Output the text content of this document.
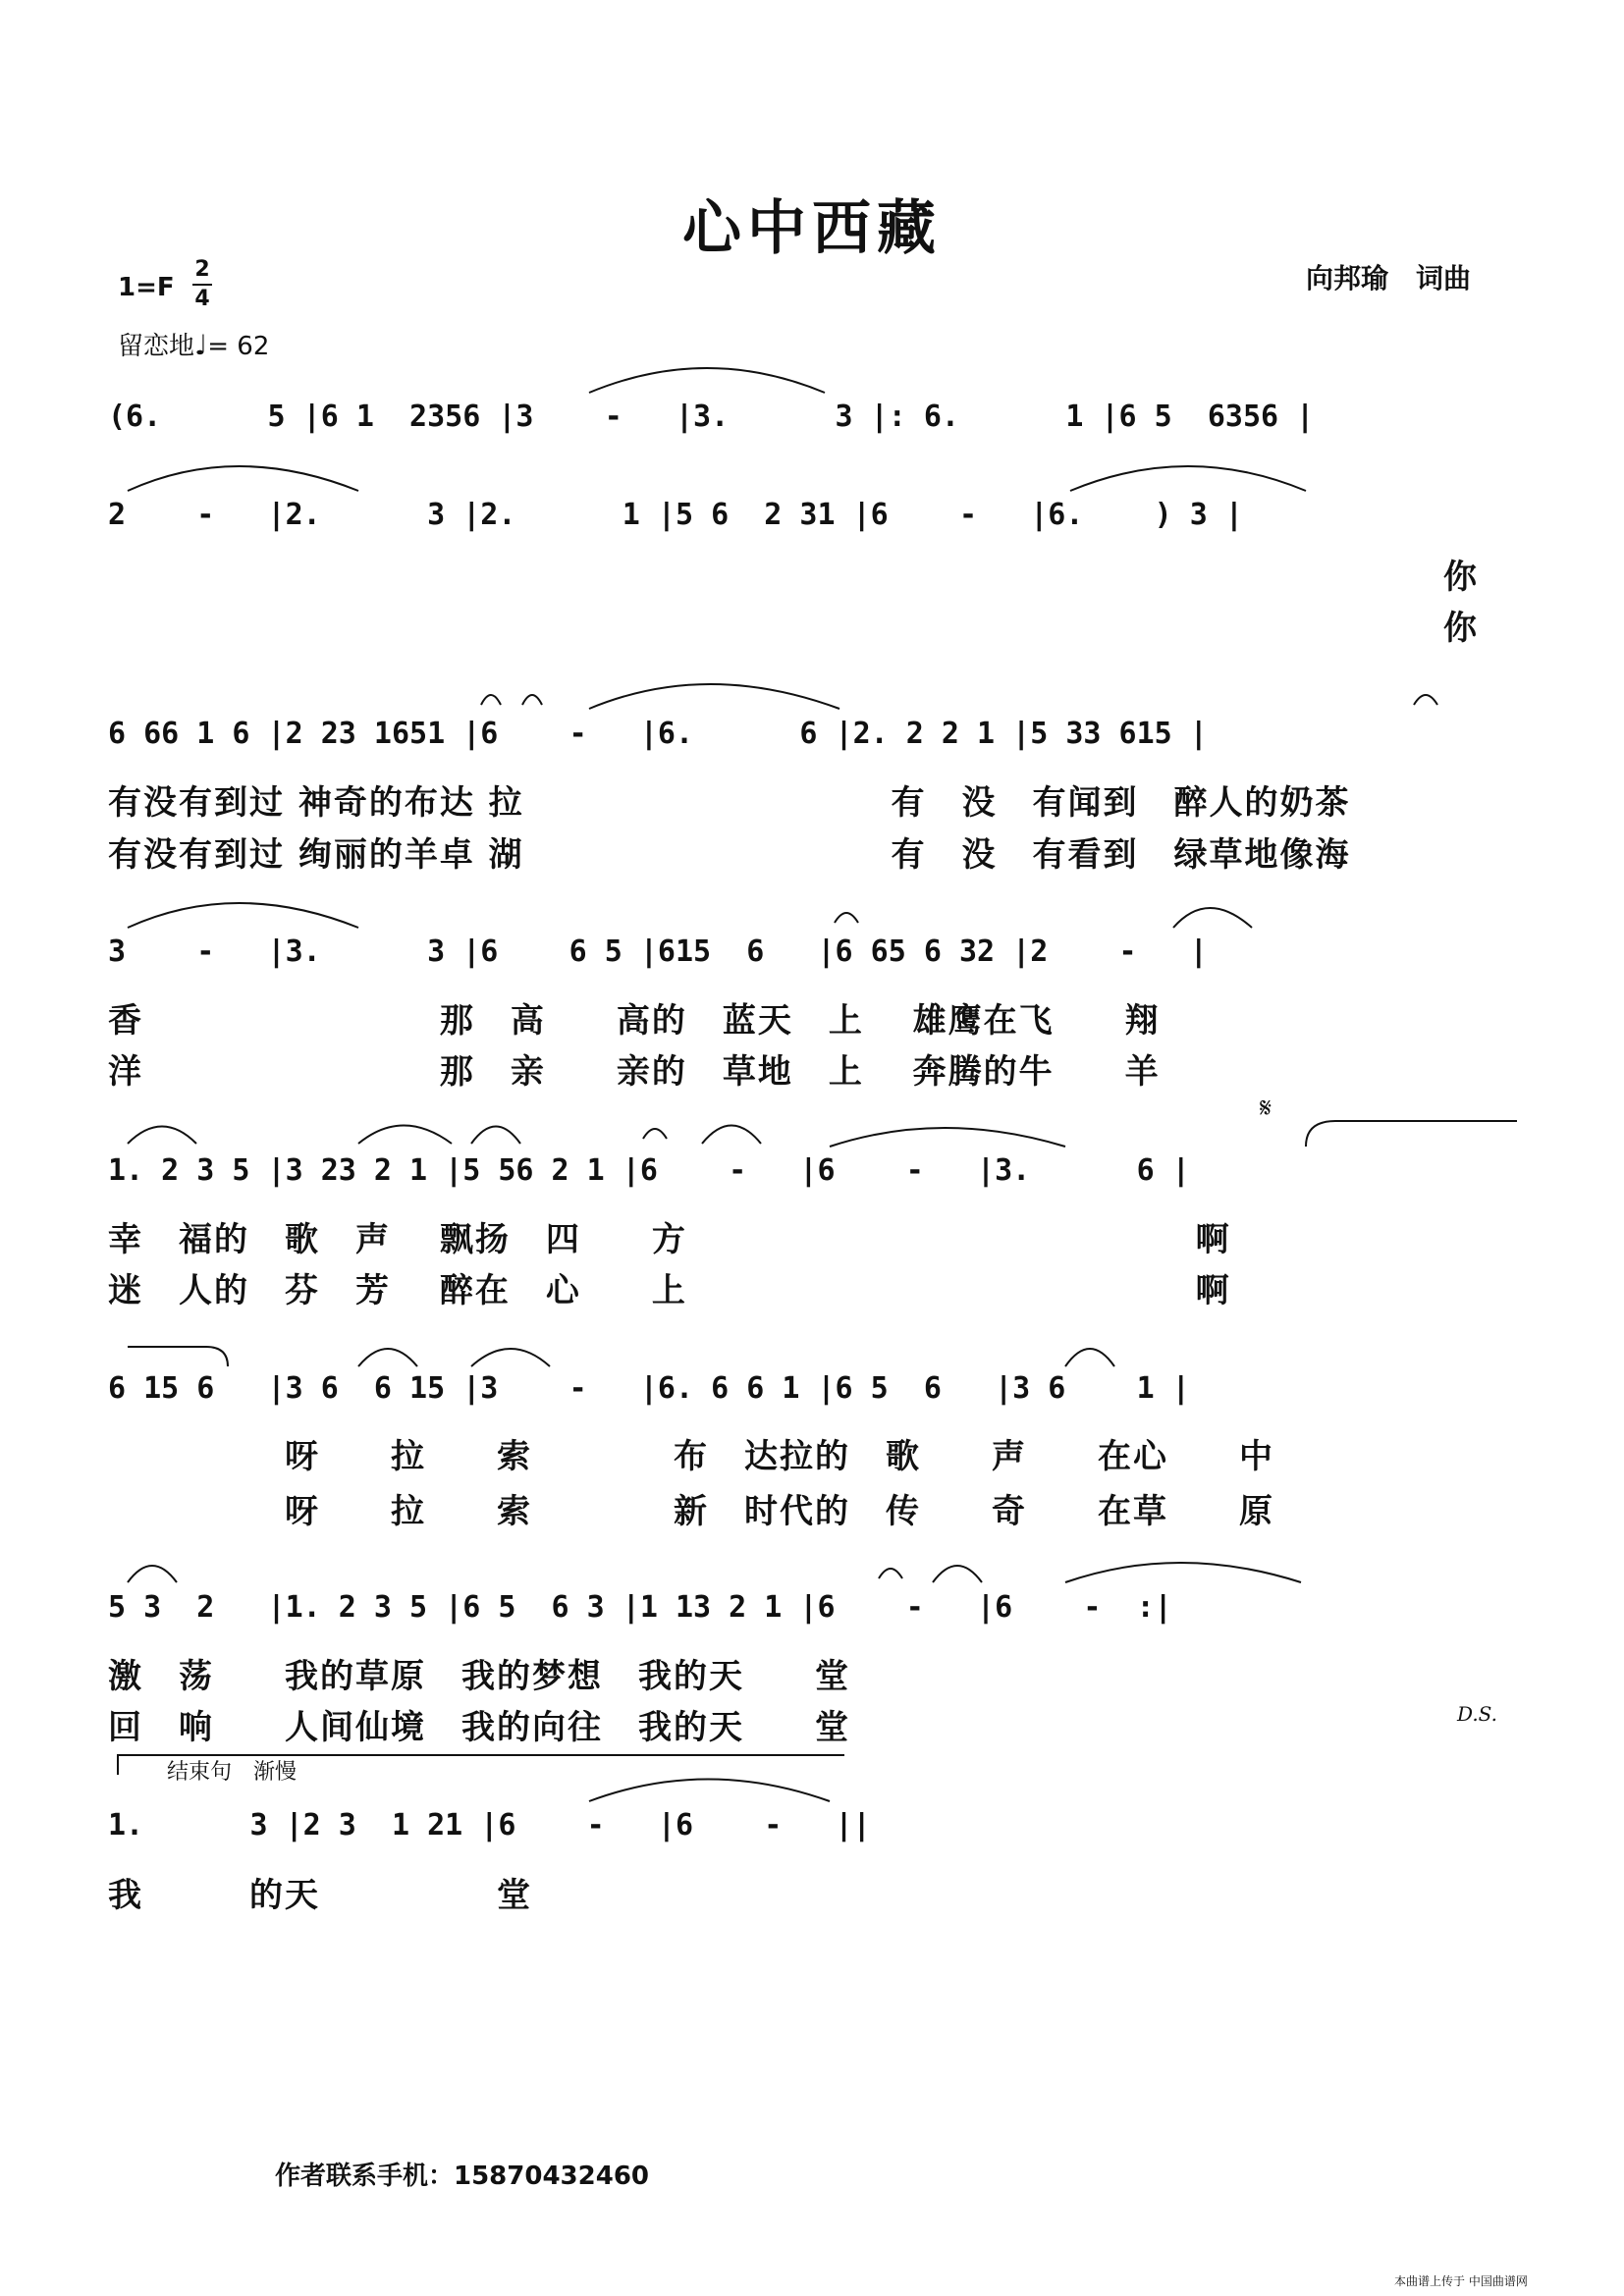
心中西藏
向邦瑜　词曲
1=F
2
4
留恋地♩= 62
(6.      5 |6 1  2356 |3    -   |3.      3 |: 6.      1 |6 5  6356 |
2    -   |2.      3 |2.      1 |5 6  2 31 |6    -   |6.    ) 3 |
6 66 1 6 |2 23 1651 |6    -   |6.      6 |2. 2 2 1 |5 33 615 |
3    -   |3.      3 |6    6 5 |615  6   |6 65 6 32 |2    -   |
1. 2 3 5 |3 23 2 1 |5 56 2 1 |6    -   |6    -   |3.      6 |
6 15 6   |3 6  6 15 |3    -   |6. 6 6 1 |6 5  6   |3 6    1 |
5 3  2   |1. 2 3 5 |6 5  6 3 |1 13 2 1 |6    -   |6    -  :|
1.      3 |2 3  1 21 |6    -   |6    -   ||
你
你
有没有到过 神奇的布达 拉　　　　　　　　　　 有　没　有闻到　醉人的奶茶
有没有到过 绚丽的羊卓 湖　　　　　　　　　　 有　没　有看到　绿草地像海
香　　　　　　　　 那　高　　高的　蓝天　上　 雄鹰在飞　　翔
洋　　　　　　　　 那　亲　　亲的　草地　上　 奔腾的牛　　羊
幸　福的　歌　声　 飘扬　四　　方　　　　　　　　　　　　　　 啊
迷　人的　芬　芳　 醉在　心　　上　　　　　　　　　　　　　　 啊
　　　　　呀　　拉　　索　　　　布　达拉的　歌　　声　　在心　　中
　　　　　呀　　拉　　索　　　　新　时代的　传　　奇　　在草　　原
激　荡　　我的草原　我的梦想　我的天　　堂
回　响　　人间仙境　我的向往　我的天　　堂
我　　　的天　　　　　堂
𝄋
D.S.
结束句　渐慢
作者联系手机：15870432460
本曲谱上传于 中国曲谱网
